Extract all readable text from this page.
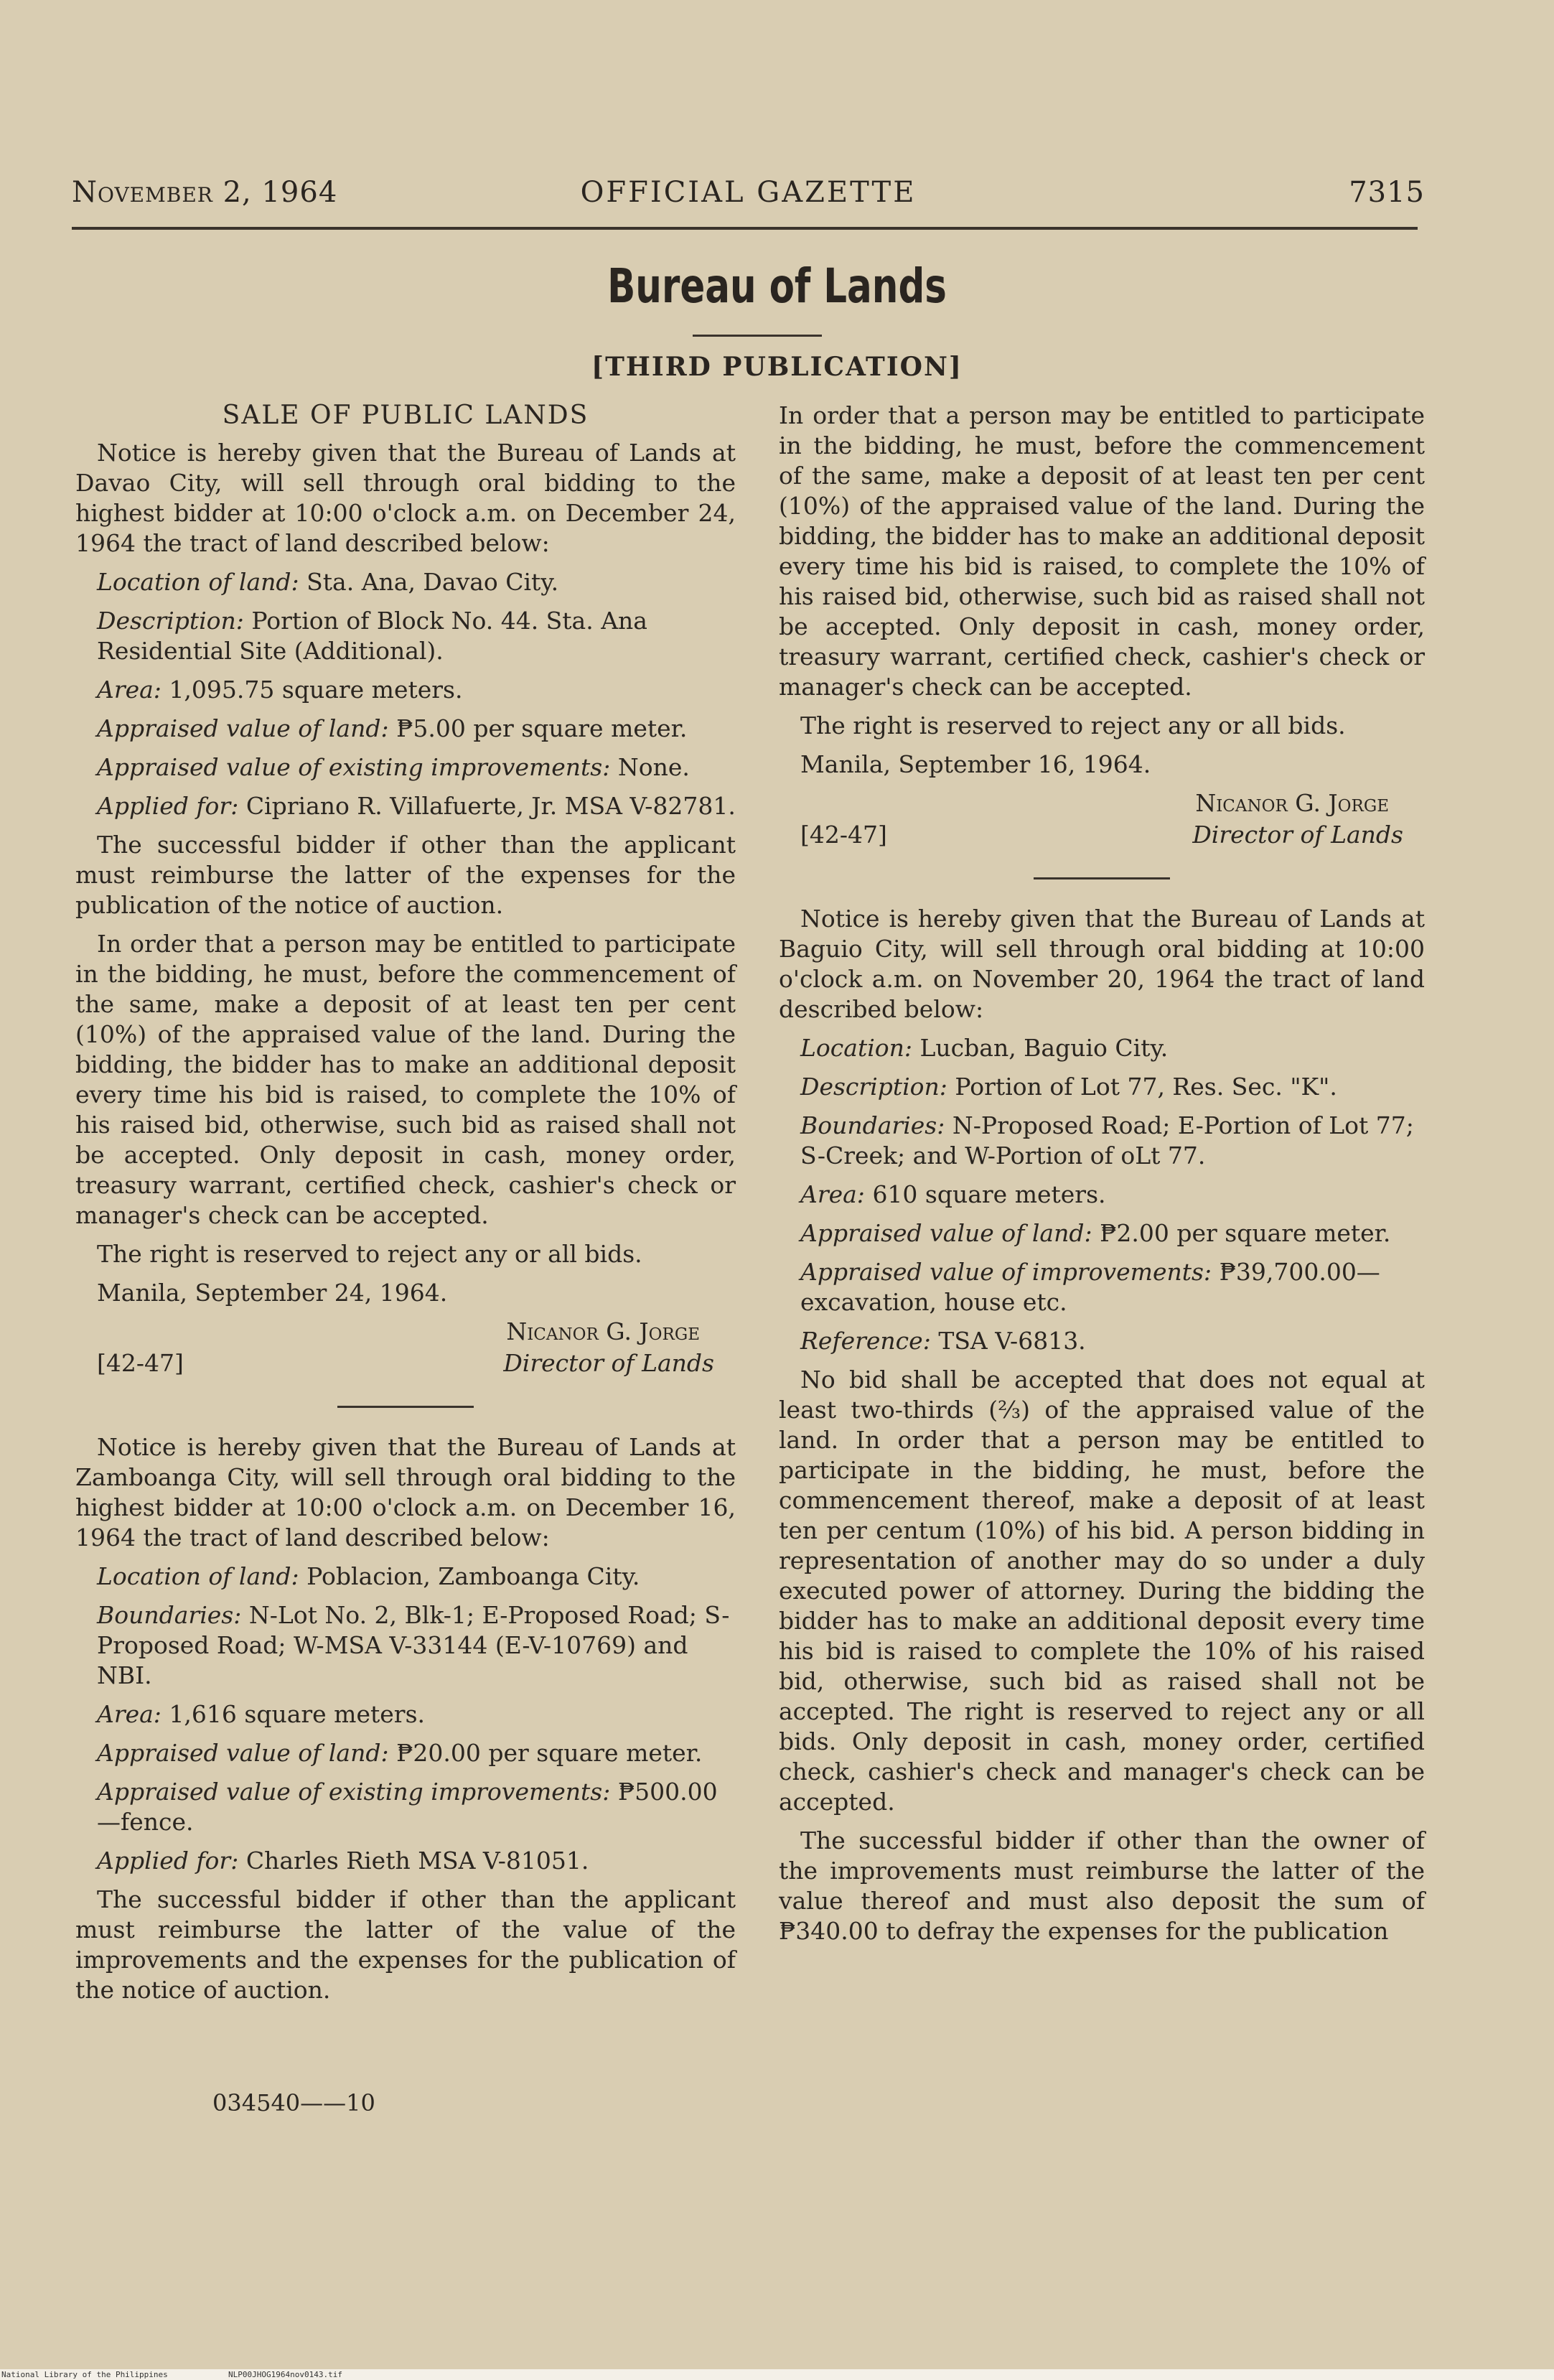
OFFICIAL GAZETTE
November 2, 1964	7315
Bureau of Lands
[THIRD PUBLICATION]
SALE OF PUBLIC LANDS

Notice is hereby given that the Bureau of Lands at Davao City, will sell through oral bidding to the highest bidder at 10:00 o'clock a.m. on December 24, 1964 the tract of land described below:

Location of land: Sta. Ana, Davao City.

Description: Portion of Block No. 44. Sta. Ana Residential Site (Additional).

Area: 1,095.75 square meters.

Appraised value of land: ₱5.00 per square meter.

Appraised value of existing improvements: None.

Applied for: Cipriano R. Villafuerte, Jr. MSA V-82781.

The successful bidder if other than the applicant must reimburse the latter of the expenses for the publication of the notice of auction.

In order that a person may be entitled to participate in the bidding, he must, before the commencement of the same, make a deposit of at least ten per cent (10%) of the appraised value of the land. During the bidding, the bidder has to make an additional deposit every time his bid is raised, to complete the 10% of his raised bid, otherwise, such bid as raised shall not be accepted. Only deposit in cash, money order, treasury warrant, certified check, cashier's check or manager's check can be accepted.

The right is reserved to reject any or all bids.

Manila, September 24, 1964.

Nicanor G. Jorge
[42-47]	Director of Lands

Notice is hereby given that the Bureau of Lands at Zamboanga City, will sell through oral bidding to the highest bidder at 10:00 o'clock a.m. on December 16, 1964 the tract of land described below:

Location of land: Poblacion, Zamboanga City.

Boundaries: N-Lot No. 2, Blk-1; E-Proposed Road; S-Proposed Road; W-MSA V-33144 (E-V-10769) and NBI.

Area: 1,616 square meters.

Appraised value of land: ₱20.00 per square meter.

Appraised value of existing improvements: ₱500.00—fence.

Applied for: Charles Rieth MSA V-81051.

The successful bidder if other than the applicant must reimburse the latter of the value of the improvements and the expenses for the publication of the notice of auction.

034540——10

In order that a person may be entitled to participate in the bidding, he must, before the commencement of the same, make a deposit of at least ten per cent (10%) of the appraised value of the land. During the bidding, the bidder has to make an additional deposit every time his bid is raised, to complete the 10% of his raised bid, otherwise, such bid as raised shall not be accepted. Only deposit in cash, money order, treasury warrant, certified check, cashier's check or manager's check can be accepted.

The right is reserved to reject any or all bids.

Manila, September 16, 1964.

Nicanor G. Jorge
[42-47]	Director of Lands

Notice is hereby given that the Bureau of Lands at Baguio City, will sell through oral bidding at 10:00 o'clock a.m. on November 20, 1964 the tract of land described below:

Location: Lucban, Baguio City.

Description: Portion of Lot 77, Res. Sec. "K".

Boundaries: N-Proposed Road; E-Portion of Lot 77; S-Creek; and W-Portion of oLt 77.

Area: 610 square meters.

Appraised value of land: ₱2.00 per square meter.

Appraised value of improvements: ₱39,700.00—excavation, house etc.

Reference: TSA V-6813.

No bid shall be accepted that does not equal at least two-thirds (⅔) of the appraised value of the land. In order that a person may be entitled to participate in the bidding, he must, before the commencement thereof, make a deposit of at least ten per centum (10%) of his bid. A person bidding in representation of another may do so under a duly executed power of attorney. During the bidding the bidder has to make an additional deposit every time his bid is raised to complete the 10% of his raised bid, otherwise, such bid as raised shall not be accepted. The right is reserved to reject any or all bids. Only deposit in cash, money order, certified check, cashier's check and manager's check can be accepted.

The successful bidder if other than the owner of the improvements must reimburse the latter of the value thereof and must also deposit the sum of ₱340.00 to defray the expenses for the publication

National Library of the Philippines	NLP00JHOG1964nov0143.tif
